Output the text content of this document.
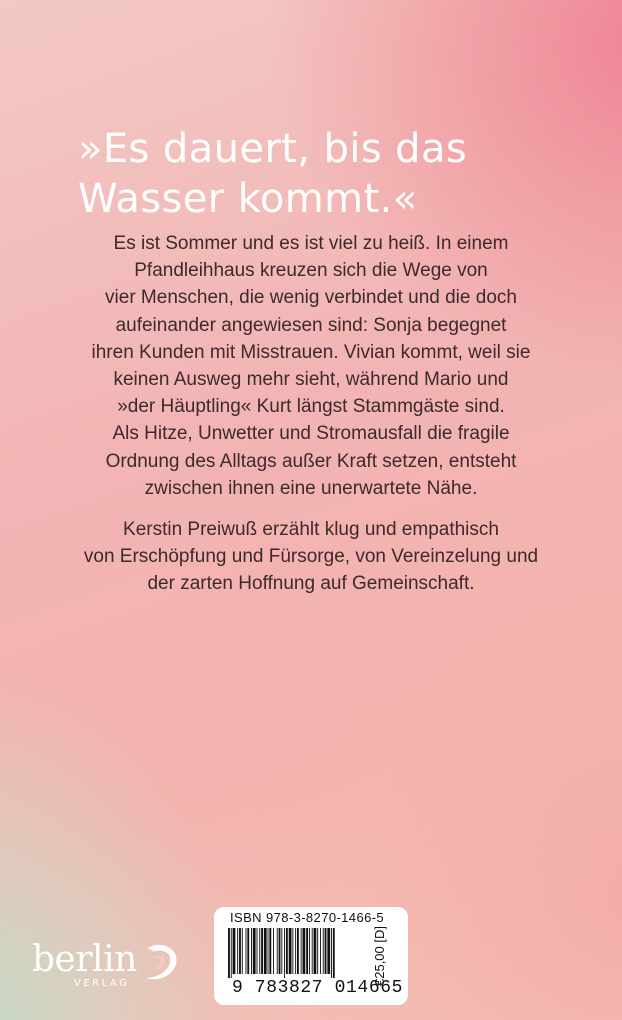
»Es dauert, bis das
Wasser kommt.«

Es ist Sommer und es ist viel zu heiß. In einem
Pfandleihhaus kreuzen sich die Wege von
vier Menschen, die wenig verbindet und die doch
aufeinander angewiesen sind: Sonja begegnet
ihren Kunden mit Misstrauen. Vivian kommt, weil sie
keinen Ausweg mehr sieht, während Mario und
»der Häuptling« Kurt längst Stammgäste sind.
Als Hitze, Unwetter und Stromausfall die fragile
Ordnung des Alltags außer Kraft setzen, entsteht
zwischen ihnen eine unerwartete Nähe.

Kerstin Preiwuß erzählt klug und empathisch
von Erschöpfung und Fürsorge, von Vereinzelung und
der zarten Hoffnung auf Gemeinschaft.

berlin
VERLAG
ISBN 978-3-8270-1466-5
9 783827 014665
€25,00 [D]
